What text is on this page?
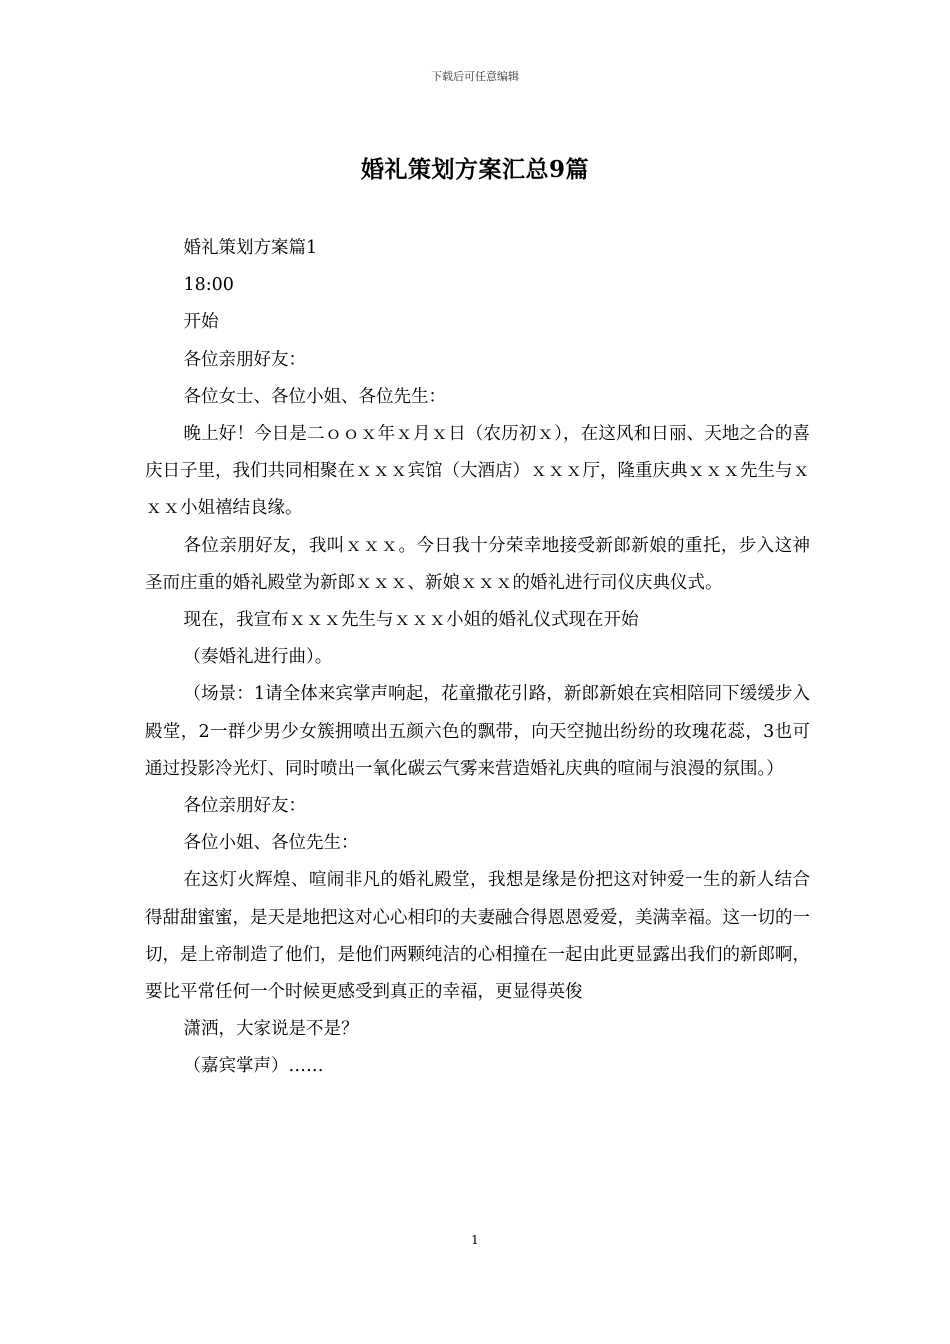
下载后可任意编辑
婚礼策划方案汇总9篇

婚礼策划方案篇1

18:00

开始

各位亲朋好友：

各位女士、各位小姐、各位先生：

晚上好！今日是二ｏｏｘ年ｘ月ｘ日（农历初ｘ），在这风和日丽、天地之合的喜庆日子里，我们共同相聚在ｘｘｘ宾馆（大酒店）ｘｘｘ厅，隆重庆典ｘｘｘ先生与ｘｘｘ小姐禧结良缘。

各位亲朋好友，我叫ｘｘｘ。今日我十分荣幸地接受新郎新娘的重托，步入这神圣而庄重的婚礼殿堂为新郎ｘｘｘ、新娘ｘｘｘ的婚礼进行司仪庆典仪式。

现在，我宣布ｘｘｘ先生与ｘｘｘ小姐的婚礼仪式现在开始

（奏婚礼进行曲）。

（场景：1请全体来宾掌声响起，花童撒花引路，新郎新娘在宾相陪同下缓缓步入殿堂，2一群少男少女簇拥喷出五颜六色的飘带，向天空抛出纷纷的玫瑰花蕊，3也可通过投影冷光灯、同时喷出一氧化碳云气雾来营造婚礼庆典的喧闹与浪漫的氛围。）

各位亲朋好友：

各位小姐、各位先生：

在这灯火辉煌、喧闹非凡的婚礼殿堂，我想是缘是份把这对钟爱一生的新人结合得甜甜蜜蜜，是天是地把这对心心相印的夫妻融合得恩恩爱爱，美满幸福。这一切的一切，是上帝制造了他们，是他们两颗纯洁的心相撞在一起由此更显露出我们的新郎啊，要比平常任何一个时候更感受到真正的幸福，更显得英俊

潇洒，大家说是不是？

（嘉宾掌声）……

1
